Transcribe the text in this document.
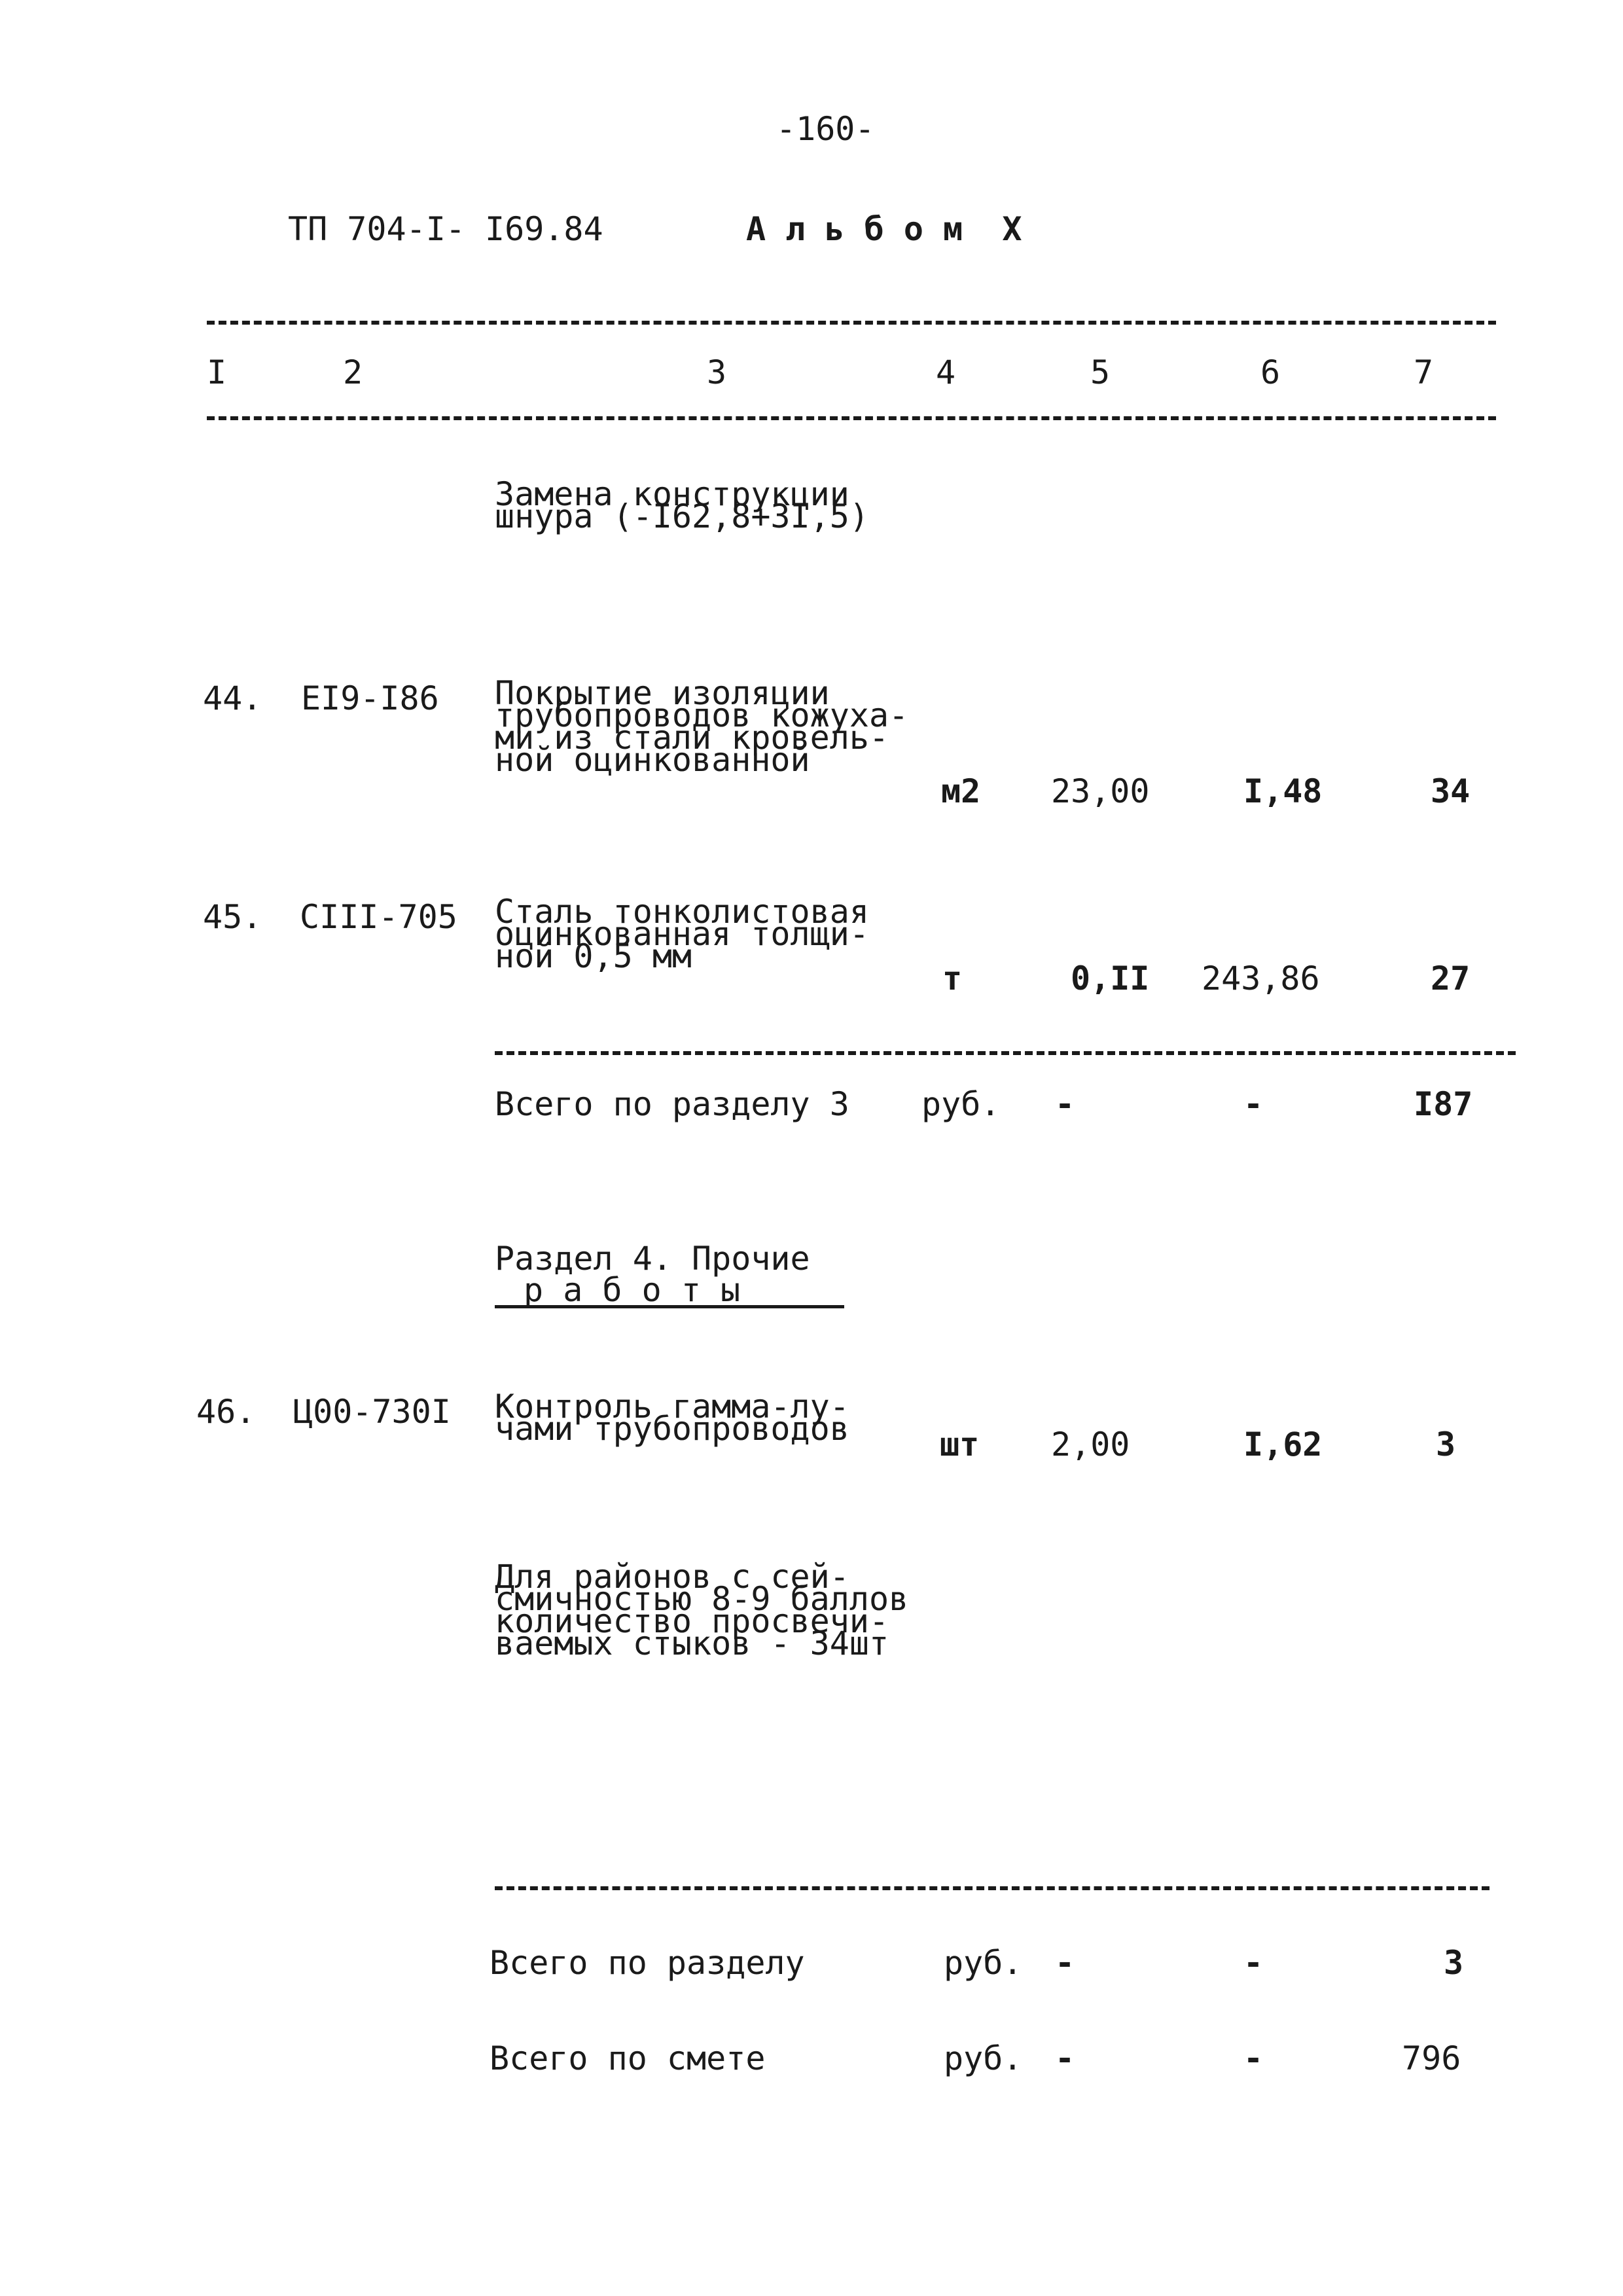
-160-
ТП 704-I- I69.84	А л ь б о м  X
I	2	3	4	5	6	7
Замена конструкции
шнура (-I62,8+3I,5)
44. EI9-I86 Покрытие изоляции
трубопроводов кожуха-
ми из стали кровель-
ной оцинкованной
м2 23,00	I,48	34
45. CIII-705 Сталь тонколистовая
оцинкованная толщи-
ной 0,5 мм
т	0,II 243,86	27
Всего по разделу 3 руб. -	-	I87
Раздел 4. Прочие
р а б о т ы
46. Ц00-730I Контроль гамма-лу-
чами трубопроводов	шт 2,00	I,62	3
Для районов с сей-
смичностью 8-9 баллов
количество просвечи-
ваемых стыков - 34шт
Всего по разделу	руб. -	-	3
Всего по смете	руб. -	-	796
